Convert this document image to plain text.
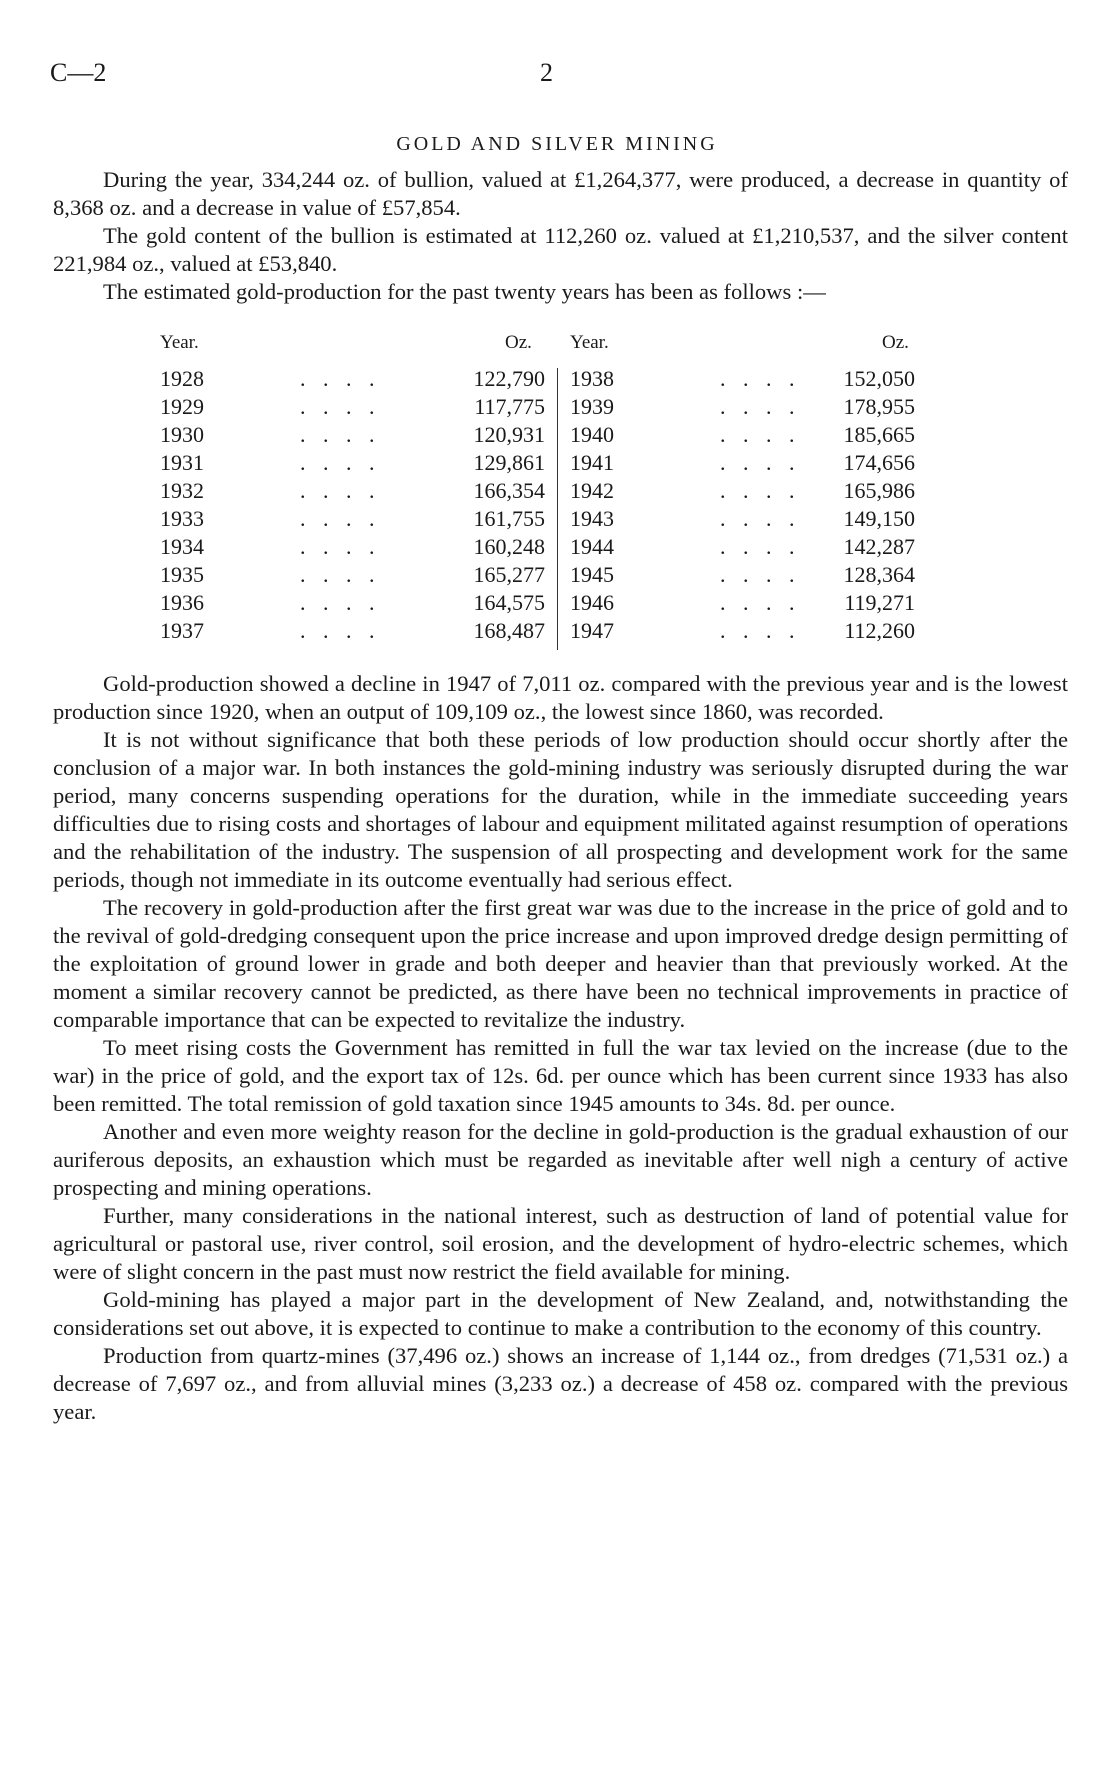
C—2	2
GOLD AND SILVER MINING

During the year, 334,244 oz. of bullion, valued at £1,264,377, were produced, a decrease in quantity of 8,368 oz. and a decrease in value of £57,854.

The gold content of the bullion is estimated at 112,260 oz. valued at £1,210,537, and the silver content 221,984 oz., valued at £53,840.

The estimated gold-production for the past twenty years has been as follows :—

Year.	Oz. Year.	Oz.
1928	. . . .	122,790 1938	. . . .	152,050
1929	. . . .	117,775 1939	. . . .	178,955
1930	. . . .	120,931 1940	. . . .	185,665
1931	. . . .	129,861 1941	. . . .	174,656
1932	. . . .	166,354 1942	. . . .	165,986
1933	. . . .	161,755 1943	. . . .	149,150
1934	. . . .	160,248 1944	. . . .	142,287
1935	. . . .	165,277 1945	. . . .	128,364
1936	. . . .	164,575 1946	. . . .	119,271
1937	. . . .	168,487 1947	. . . .	112,260

Gold-production showed a decline in 1947 of 7,011 oz. compared with the previous year and is the lowest production since 1920, when an output of 109,109 oz., the lowest since 1860, was recorded.

It is not without significance that both these periods of low production should occur shortly after the conclusion of a major war. In both instances the gold-mining industry was seriously disrupted during the war period, many concerns suspending operations for the duration, while in the immediate succeeding years difficulties due to rising costs and shortages of labour and equipment militated against resumption of operations and the rehabilitation of the industry. The suspension of all prospecting and development work for the same periods, though not immediate in its outcome eventually had serious effect.

The recovery in gold-production after the first great war was due to the increase in the price of gold and to the revival of gold-dredging consequent upon the price increase and upon improved dredge design permitting of the exploitation of ground lower in grade and both deeper and heavier than that previously worked. At the moment a similar recovery cannot be predicted, as there have been no technical improvements in practice of comparable importance that can be expected to revitalize the industry.

To meet rising costs the Government has remitted in full the war tax levied on the increase (due to the war) in the price of gold, and the export tax of 12s. 6d. per ounce which has been current since 1933 has also been remitted. The total remission of gold taxation since 1945 amounts to 34s. 8d. per ounce.

Another and even more weighty reason for the decline in gold-production is the gradual exhaustion of our auriferous deposits, an exhaustion which must be regarded as inevitable after well nigh a century of active prospecting and mining operations.

Further, many considerations in the national interest, such as destruction of land of potential value for agricultural or pastoral use, river control, soil erosion, and the development of hydro-electric schemes, which were of slight concern in the past must now restrict the field available for mining.

Gold-mining has played a major part in the development of New Zealand, and, notwithstanding the considerations set out above, it is expected to continue to make a contribution to the economy of this country.

Production from quartz-mines (37,496 oz.) shows an increase of 1,144 oz., from dredges (71,531 oz.) a decrease of 7,697 oz., and from alluvial mines (3,233 oz.) a decrease of 458 oz. compared with the previous year.
